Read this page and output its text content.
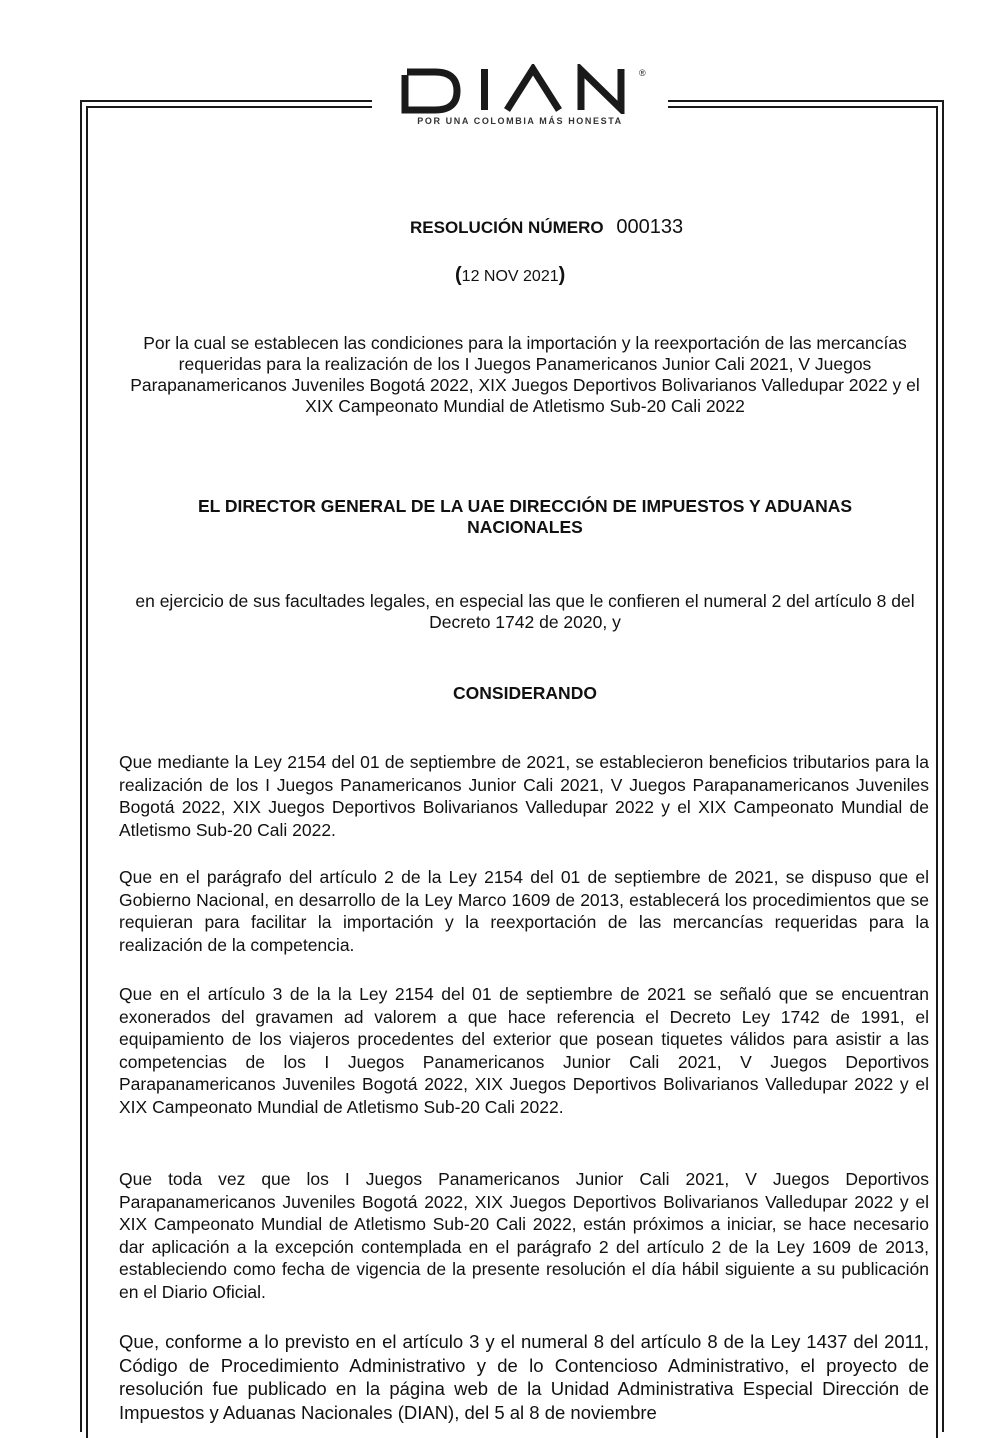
®
POR UNA COLOMBIA MÁS HONESTA
RESOLUCIÓN NÚMERO 000133
(12 NOV 2021)
Por la cual se establecen las condiciones para la importación y la reexportación de las mercancías requeridas para la realización de los I Juegos Panamericanos Junior Cali 2021, V Juegos Parapanamericanos Juveniles Bogotá 2022, XIX Juegos Deportivos Bolivarianos Valledupar 2022 y el XIX Campeonato Mundial de Atletismo Sub-20 Cali 2022
EL DIRECTOR GENERAL DE LA UAE DIRECCIÓN DE IMPUESTOS Y ADUANAS NACIONALES
en ejercicio de sus facultades legales, en especial las que le confieren el numeral 2 del artículo 8 del Decreto 1742 de 2020, y
CONSIDERANDO
Que mediante la Ley 2154 del 01 de septiembre de 2021, se establecieron beneficios tributarios para la realización de los I Juegos Panamericanos Junior Cali 2021, V Juegos Parapanamericanos Juveniles Bogotá 2022, XIX Juegos Deportivos Bolivarianos Valledupar 2022 y el XIX Campeonato Mundial de Atletismo Sub-20 Cali 2022.
Que en el parágrafo del artículo 2 de la Ley 2154 del 01 de septiembre de 2021, se dispuso que el Gobierno Nacional, en desarrollo de la Ley Marco 1609 de 2013, establecerá los procedimientos que se requieran para facilitar la importación y la reexportación de las mercancías requeridas para la realización de la competencia.
Que en el artículo 3 de la la Ley 2154 del 01 de septiembre de 2021 se señaló que se encuentran exonerados del gravamen ad valorem a que hace referencia el Decreto Ley 1742 de 1991, el equipamiento de los viajeros procedentes del exterior que posean tiquetes válidos para asistir a las competencias de los I Juegos Panamericanos Junior Cali 2021, V Juegos Deportivos Parapanamericanos Juveniles Bogotá 2022, XIX Juegos Deportivos Bolivarianos Valledupar 2022 y el XIX Campeonato Mundial de Atletismo Sub-20 Cali 2022.
Que toda vez que los I Juegos Panamericanos Junior Cali 2021, V Juegos Deportivos Parapanamericanos Juveniles Bogotá 2022, XIX Juegos Deportivos Bolivarianos Valledupar 2022 y el XIX Campeonato Mundial de Atletismo Sub-20 Cali 2022, están próximos a iniciar, se hace necesario dar aplicación a la excepción contemplada en el parágrafo 2 del artículo 2 de la Ley 1609 de 2013, estableciendo como fecha de vigencia de la presente resolución el día hábil siguiente a su publicación en el Diario Oficial.
Que, conforme a lo previsto en el artículo 3 y el numeral 8 del artículo 8 de la Ley 1437 del 2011, Código de Procedimiento Administrativo y de lo Contencioso Administrativo, el proyecto de resolución fue publicado en la página web de la Unidad Administrativa Especial Dirección de Impuestos y Aduanas Nacionales (DIAN), del 5 al 8 de noviembre
